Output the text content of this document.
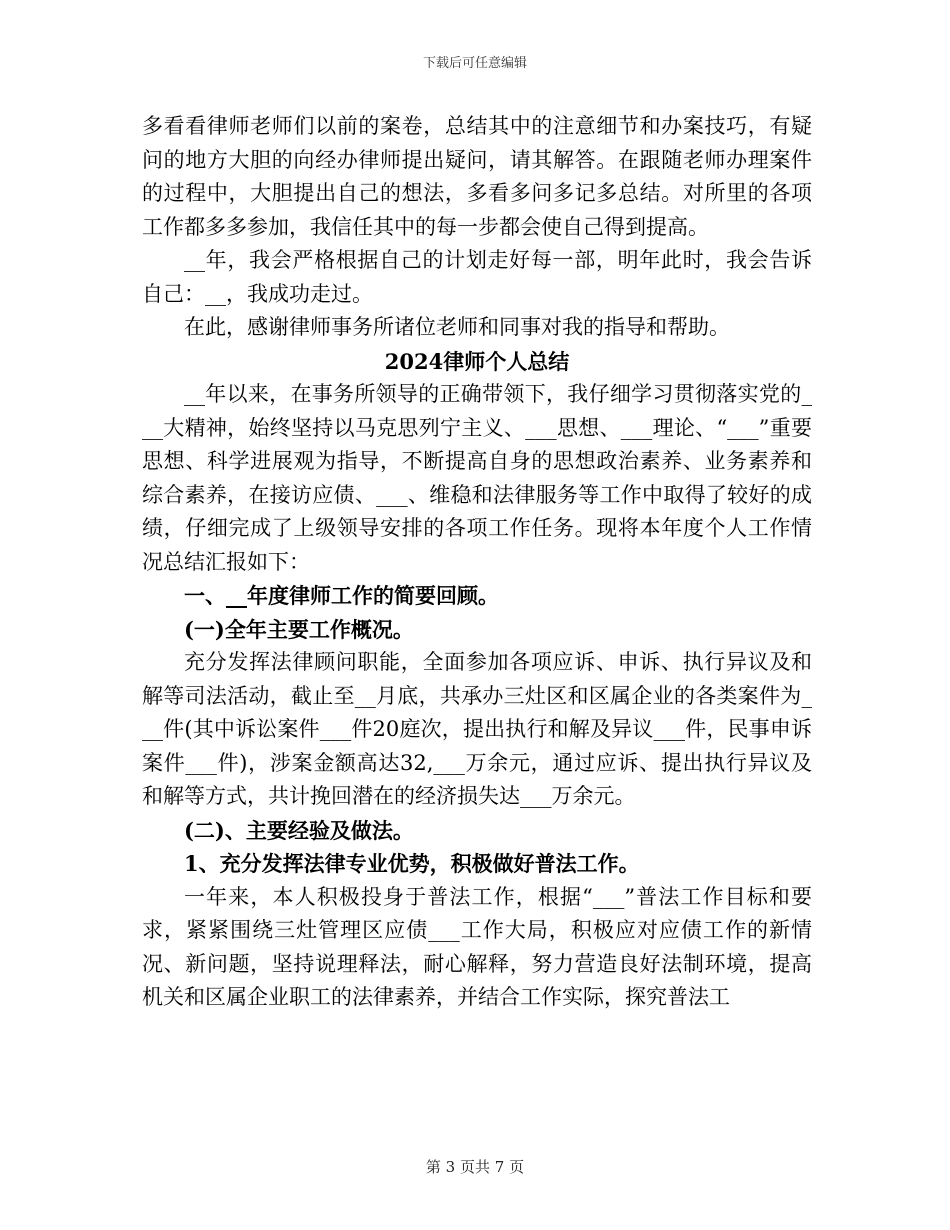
下载后可任意编辑

多看看律师老师们以前的案卷，总结其中的注意细节和办案技巧，有疑问的地方大胆的向经办律师提出疑问，请其解答。在跟随老师办理案件的过程中，大胆提出自己的想法，多看多问多记多总结。对所里的各项工作都多多参加，我信任其中的每一步都会使自己得到提高。

__年，我会严格根据自己的计划走好每一部，明年此时，我会告诉自己：__，我成功走过。

在此，感谢律师事务所诸位老师和同事对我的指导和帮助。

2024律师个人总结

__年以来，在事务所领导的正确带领下，我仔细学习贯彻落实党的___大精神，始终坚持以马克思列宁主义、___思想、___理论、“___”重要思想、科学进展观为指导，不断提高自身的思想政治素养、业务素养和综合素养，在接访应债、___、维稳和法律服务等工作中取得了较好的成绩，仔细完成了上级领导安排的各项工作任务。现将本年度个人工作情况总结汇报如下：

一、__年度律师工作的简要回顾。

(一)全年主要工作概况。

充分发挥法律顾问职能，全面参加各项应诉、申诉、执行异议及和解等司法活动，截止至__月底，共承办三灶区和区属企业的各类案件为___件(其中诉讼案件___件20庭次，提出执行和解及异议___件，民事申诉案件___件)，涉案金额高达32,___万余元，通过应诉、提出执行异议及和解等方式，共计挽回潜在的经济损失达___万余元。

(二)、主要经验及做法。

1、充分发挥法律专业优势，积极做好普法工作。

一年来，本人积极投身于普法工作，根据“___”普法工作目标和要求，紧紧围绕三灶管理区应债___工作大局，积极应对应债工作的新情况、新问题，坚持说理释法，耐心解释，努力营造良好法制环境，提高机关和区属企业职工的法律素养，并结合工作实际，探究普法工

第 3 页共 7 页
